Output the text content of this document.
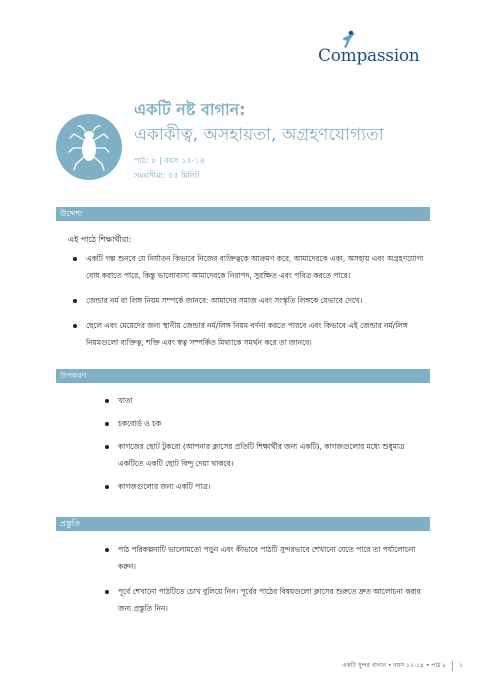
Compassion
একটি নষ্ট বাগান:
একাকীত্ব, অসহায়তা, অগ্রহণযোগ্যতা
পাঠ: ৮ | বয়স ১২-১৪
সময়সীমা: ৫৫ মিনিট
উদ্দেশ্য
এই পাঠে শিক্ষার্থীরা:
একটি গল্প শুনবে যে নির্যাতন কিভাবে নিজের ব্যক্তিত্বকে আক্রমণ করে, আমাদেরকে একা, অসহায় এবং অগ্রহণযোগ্য বোধ করাতে পারে, কিন্তু ভালোবাসা আমাদেরকে নিরাপদ, সুরক্ষিত এবং পবিত্র করতে পারে।
জেন্ডার নর্ম বা লিঙ্গ নিয়ম সম্পর্কে জানবে: আমাদের সমাজ এবং সংস্কৃতি লিঙ্গকে যেভাবে দেখে।
ছেলে এবং মেয়েদের জন্য স্থানীয় জেন্ডার নর্ম/লিঙ্গ নিয়ম বর্ণনা করতে পারবে এবং কিভাবে এই জেন্ডার নর্ম/লিঙ্গ নিয়মগুলো ব্যক্তিত্ব, শক্তি এবং স্বত্ব সম্পর্কিত মিথ্যাকে সমর্থন করে তা জানবে।
উপকরণ
খাতা
চকবোর্ড ও চক
কাগজের ছোট টুকরো (আপনার ক্লাসের প্রতিটি শিক্ষার্থীর জন্য একটি), কাগজগুলোর মধ্যে শুধুমাত্র একটিতে একটি ছোট বিন্দু দেয়া থাকবে।
কাগজগুলোর জন্য একটি পাত্র।
প্রস্তুতি
পাঠ পরিকল্পনাটি ভালোমতো পড়ুন এবং কীভাবে পাঠটি সুন্দরভাবে শেখানো যেতে পারে তা পর্যালোচনা করুন।
পূর্বে শেখানো পাঠটিতে চোখ বুলিয়ে নিন। পূর্বের পাঠের বিষয়গুলো ক্লাসের শুরুতে দ্রুত আলোচনা করার জন্য প্রস্তুতি নিন।
একটি সুন্দর বাগান • বয়স ১২-১৪ • পাঠ ৮ ১
